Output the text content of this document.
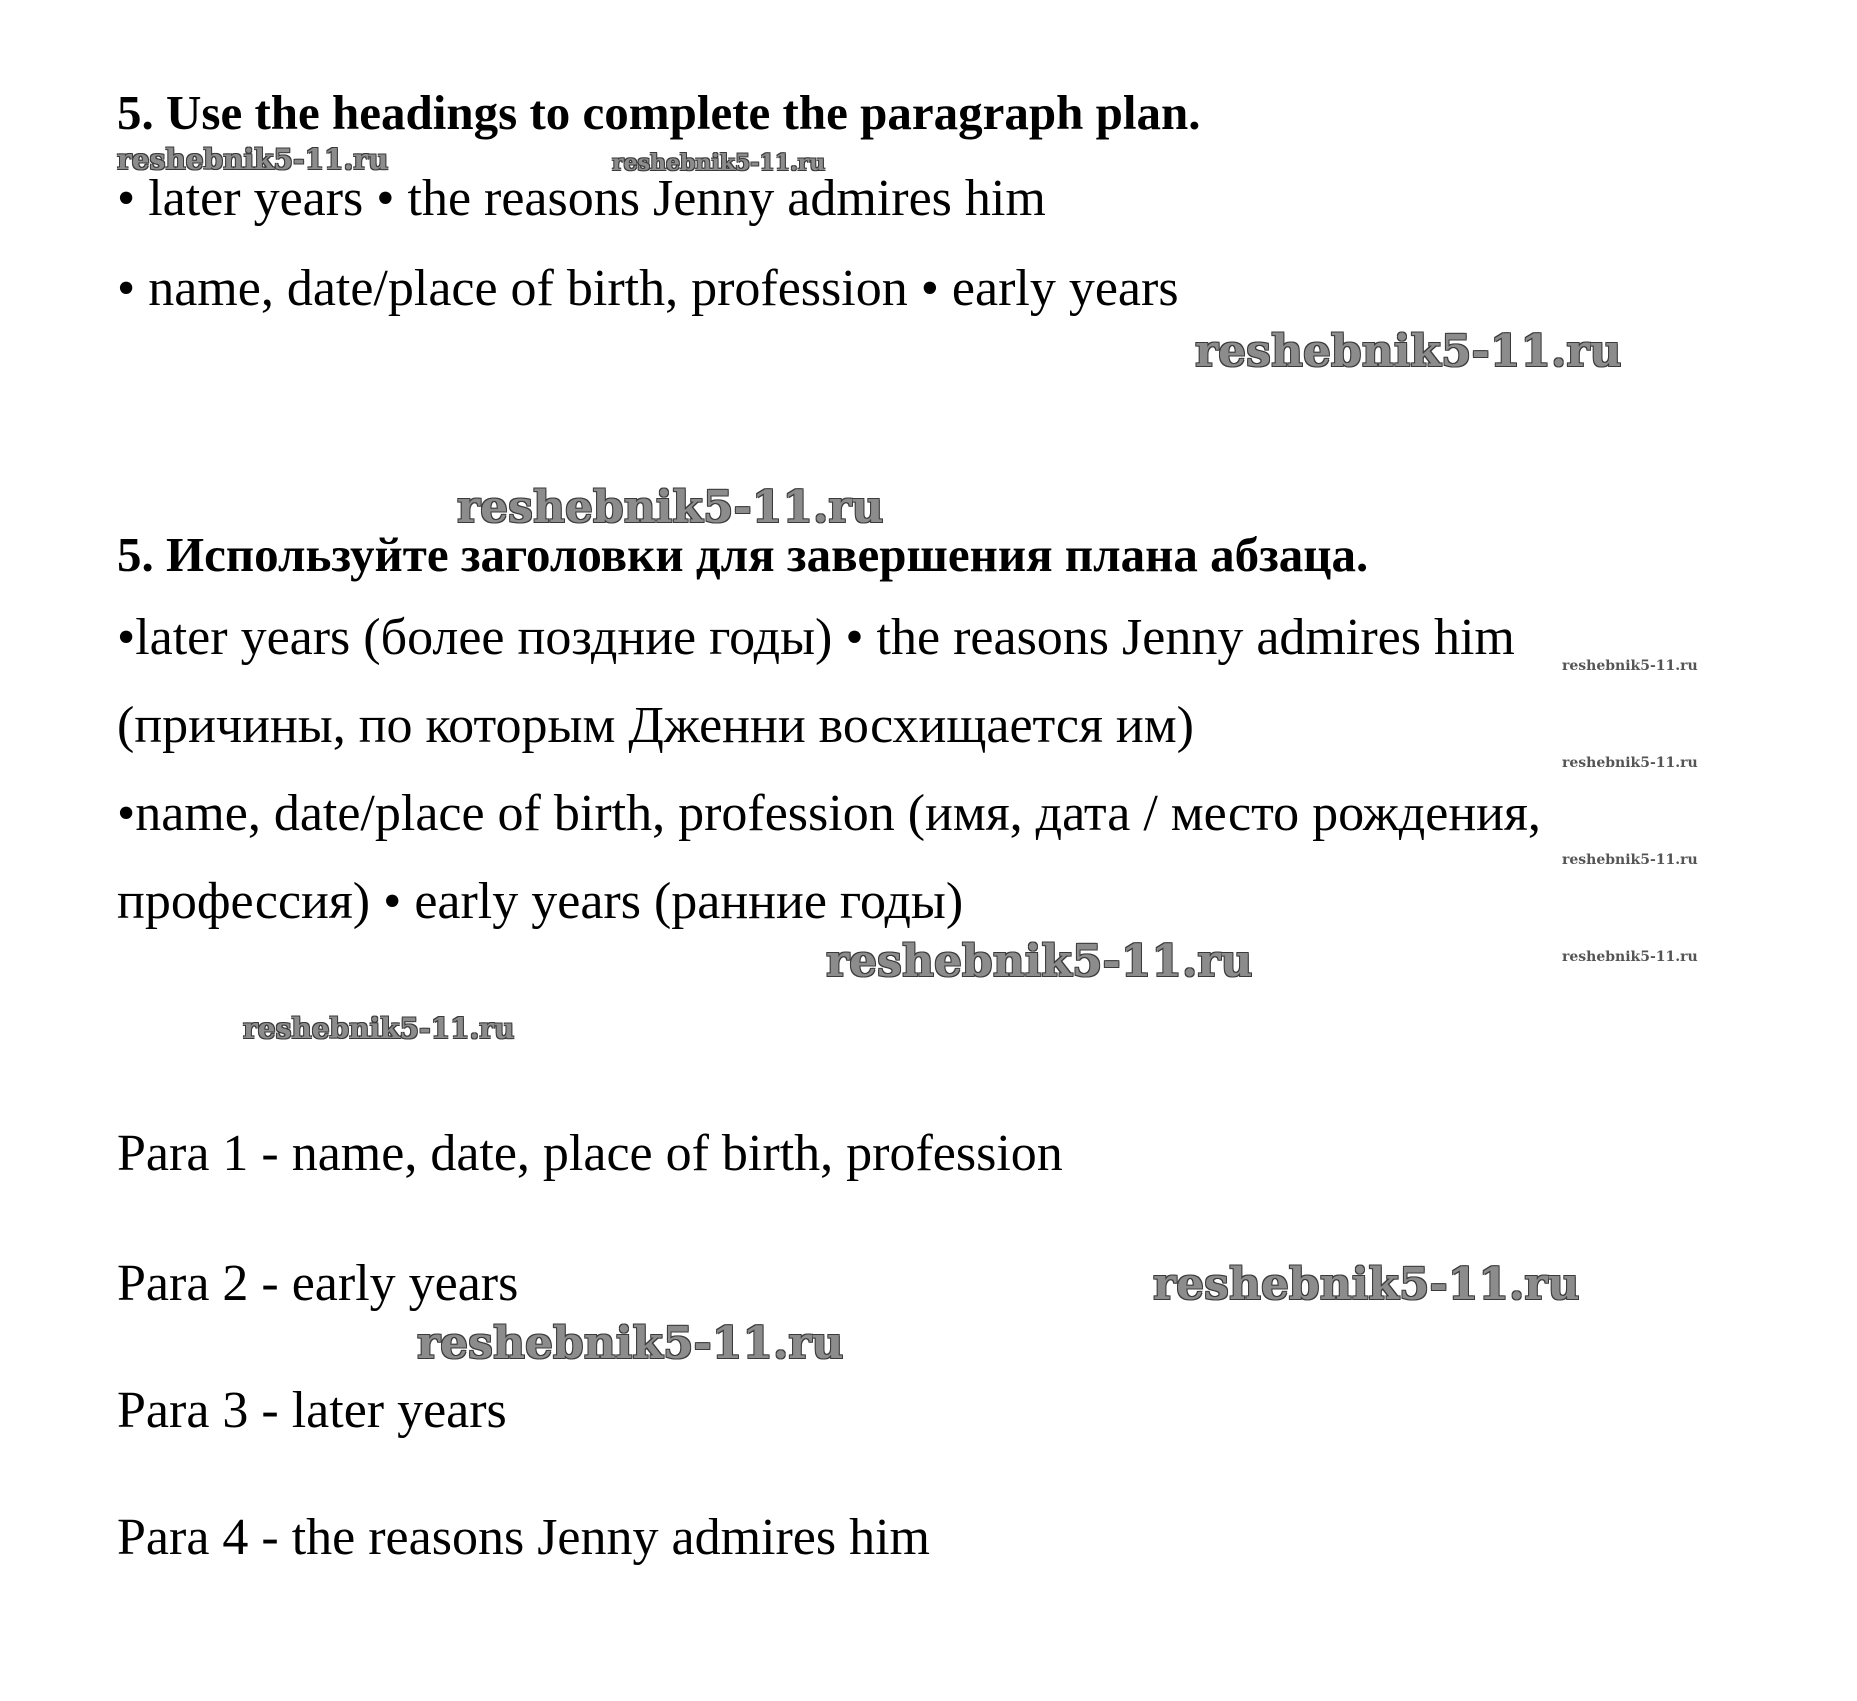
5. Use the headings to complete the paragraph plan.
• later years • the reasons Jenny admires him
• name, date/place of birth, profession • early years
5. Используйте заголовки для завершения плана абзаца.
•later years (более поздние годы) • the reasons Jenny admires him
(причины, по которым Дженни восхищается им)
•name, date/place of birth, profession (имя, дата / место рождения,
профессия) • early years (ранние годы)
Para 1 - name, date, place of birth, profession
Para 2 - early years
Para 3 - later years
Para 4 - the reasons Jenny admires him
reshebnik5-11.ru	reshebnik5-11.ru
reshebnik5-11.ru
reshebnik5-11.ru
reshebnik5-11.ru
reshebnik5-11.ru
reshebnik5-11.ru
reshebnik5-11.ru
reshebnik5-11.ru
reshebnik5-11.ru
reshebnik5-11.ru
reshebnik5-11.ru
